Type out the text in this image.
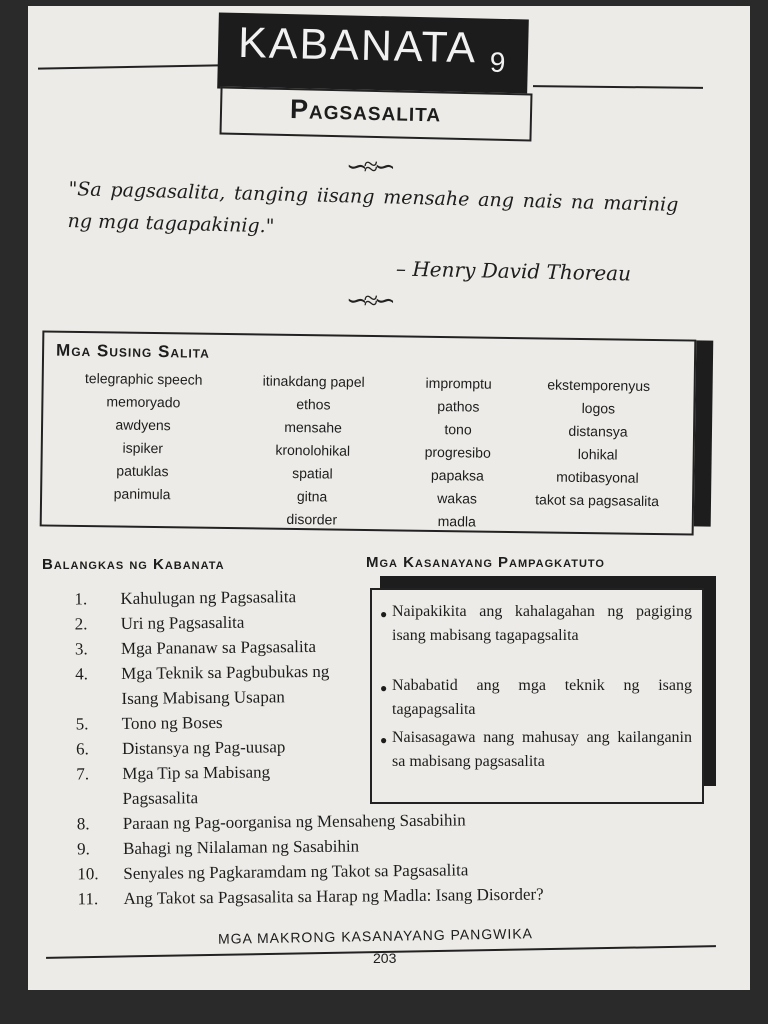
KABANATA 9
Pagsasalita
∽≈∽
"Sa pagsasalita, tanging iisang mensahe ang nais na marinig ng mga tagapakinig."
– Henry David Thoreau
∽≈∽
Mga Susing Salita
telegraphic speech
memoryado
awdyens
ispiker
patuklas
panimula
itinakdang papel
ethos
mensahe
kronolohikal
spatial
gitna
disorder
impromptu
pathos
tono
progresibo
papaksa
wakas
madla
ekstemporenyus
logos
distansya
lohikal
motibasyonal
takot sa pagsasalita
Balangkas ng Kabanata	Mga Kasanayang Pampagkatuto
1.	Kahulugan ng Pagsasalita
2.	Uri ng Pagsasalita
3.	Mga Pananaw sa Pagsasalita
4.	Mga Teknik sa Pagbubukas ng Isang Mabisang Usapan
5.	Tono ng Boses
6.	Distansya ng Pag-uusap
7.	Mga Tip sa Mabisang Pagsasalita
8.	Paraan ng Pag-oorganisa ng Mensaheng Sasabihin
9.	Bahagi ng Nilalaman ng Sasabihin
10.	Senyales ng Pagkaramdam ng Takot sa Pagsasalita
11.	Ang Takot sa Pagsasalita sa Harap ng Madla: Isang Disorder?
● Naipakikita ang kahalagahan ng pagiging isang mabisang tagapagsalita
● Nababatid ang mga teknik ng isang tagapagsalita
● Naisasagawa nang mahusay ang kailanganin sa mabisang pagsasalita
MGA MAKRONG KASANAYANG PANGWIKA
203
